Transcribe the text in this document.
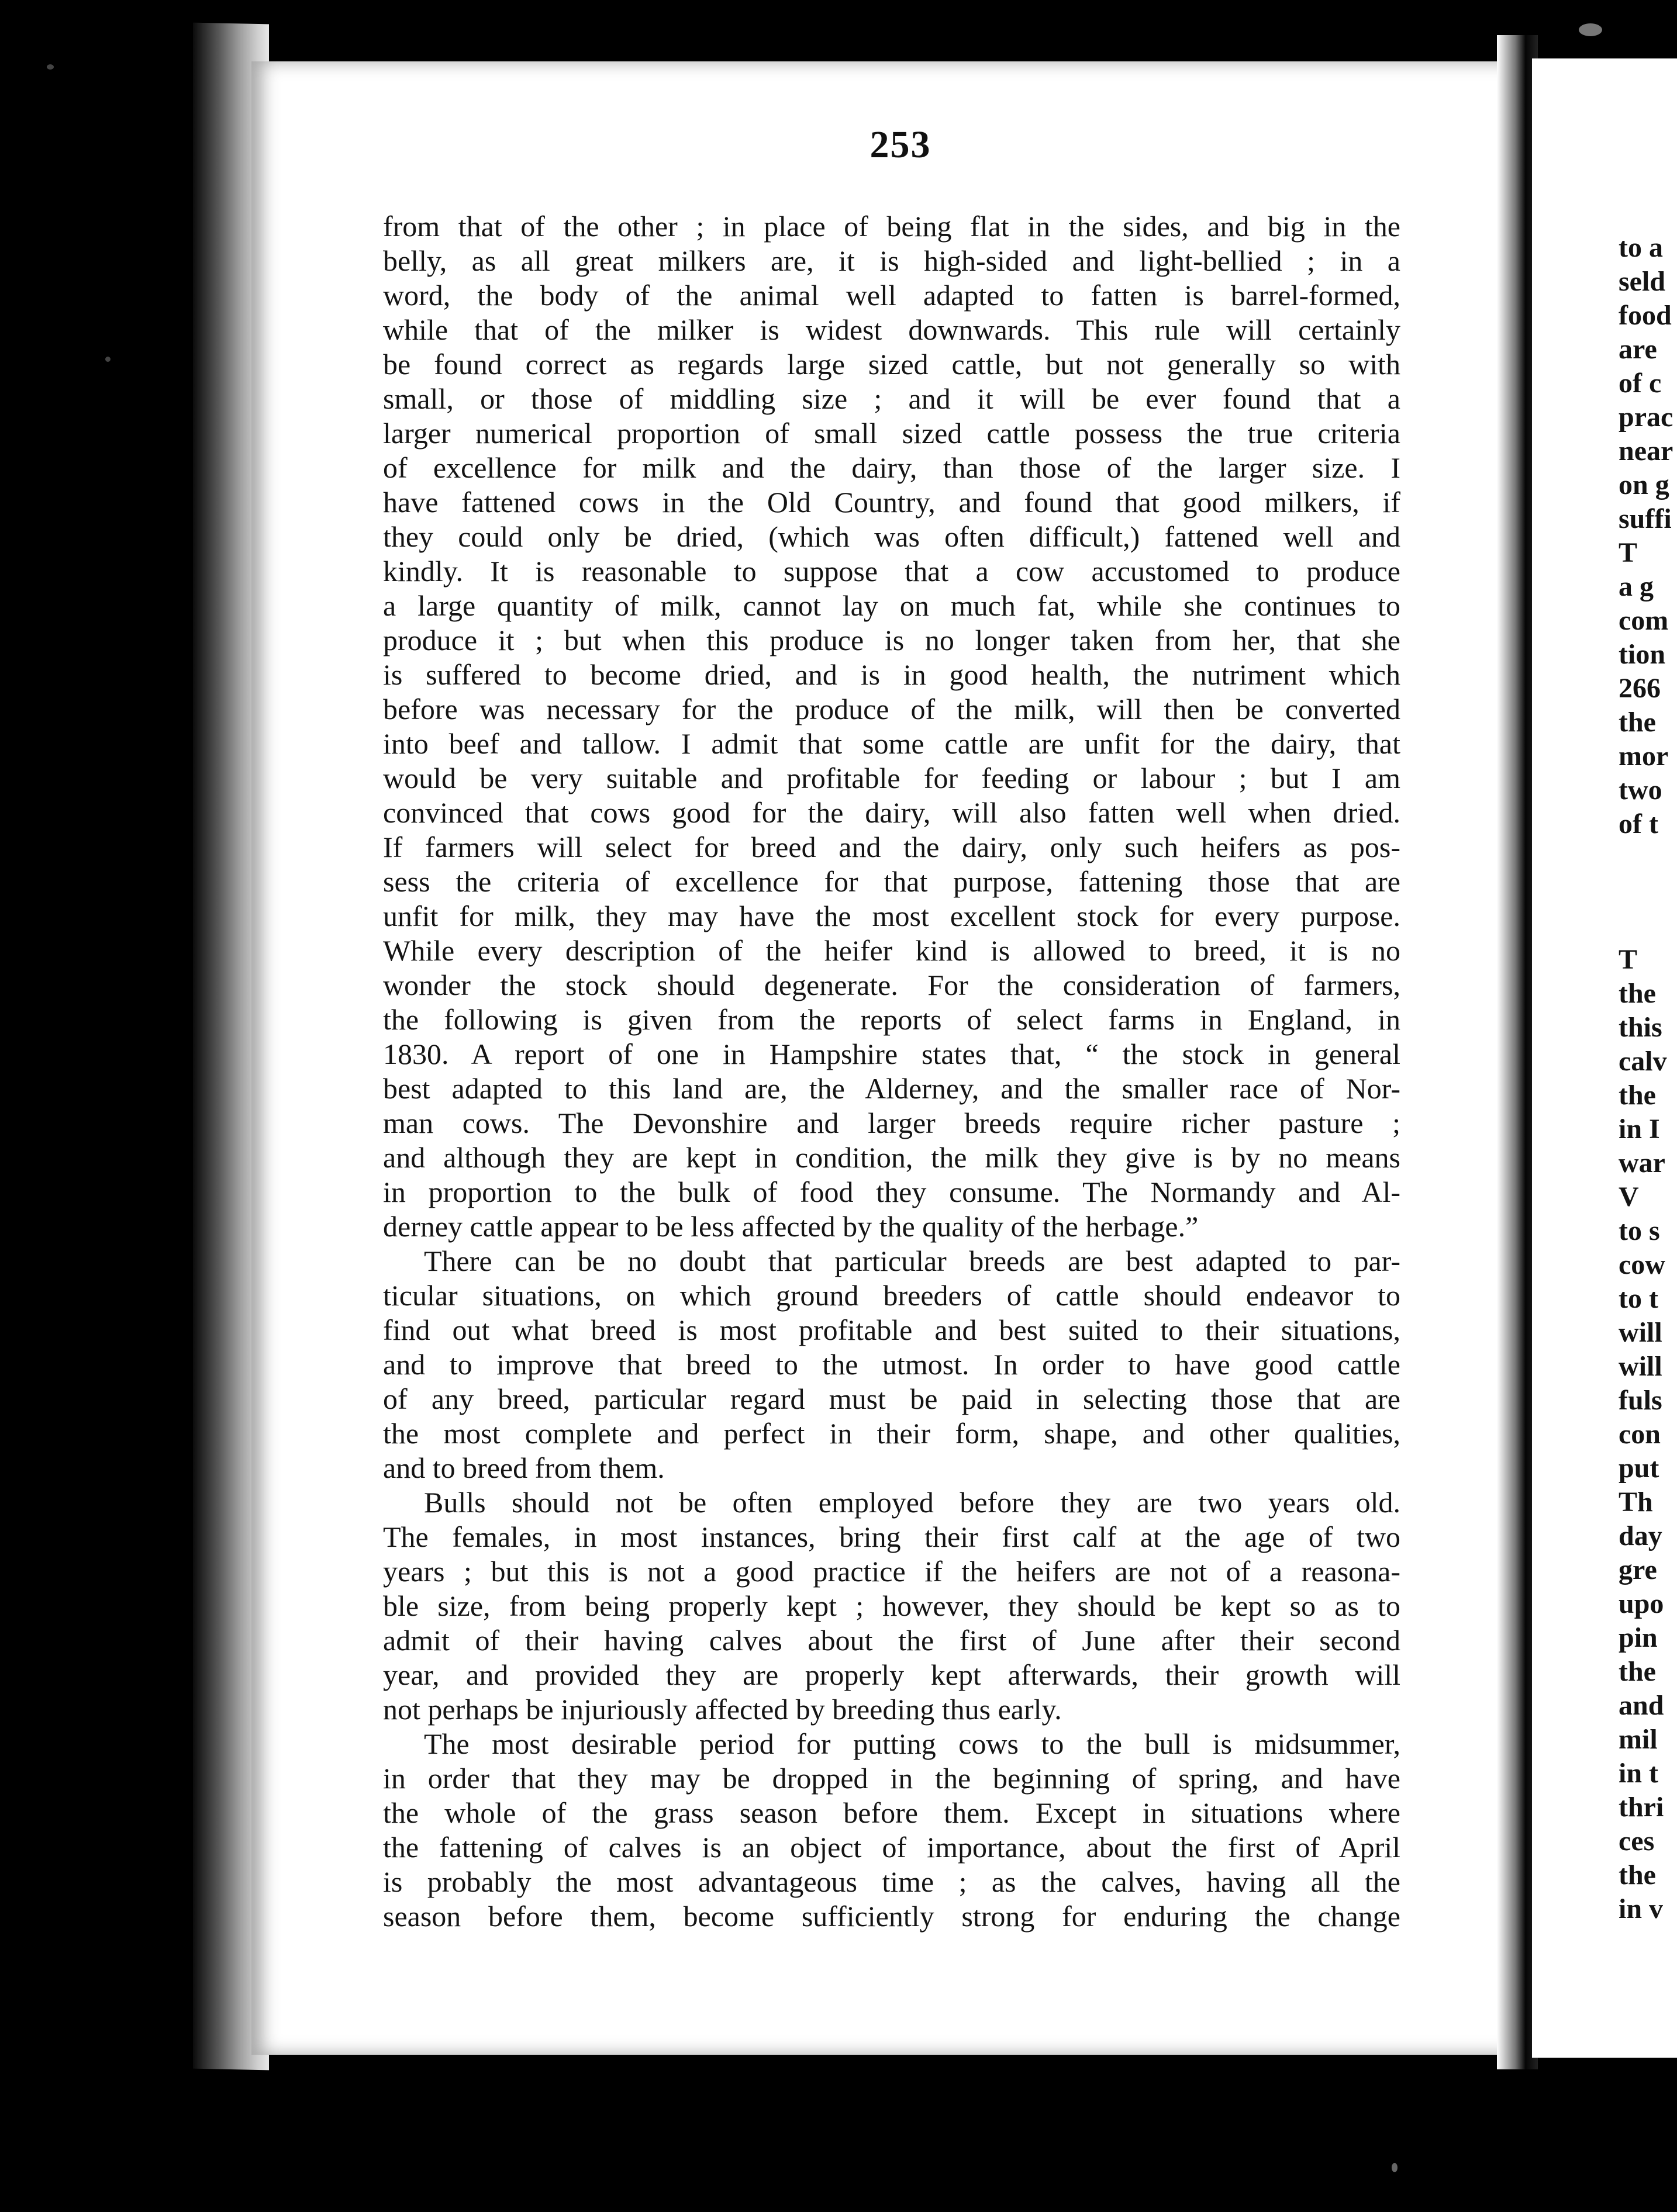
253
from that of the other ; in place of being flat in the sides, and big in the
belly, as all great milkers are, it is high-sided and light-bellied ; in a
word, the body of the animal well adapted to fatten is barrel-formed,
while that of the milker is widest downwards. This rule will certainly
be found correct as regards large sized cattle, but not generally so with
small, or those of middling size ; and it will be ever found that a
larger numerical proportion of small sized cattle possess the true criteria
of excellence for milk and the dairy, than those of the larger size. I
have fattened cows in the Old Country, and found that good milkers, if
they could only be dried, (which was often difficult,) fattened well and
kindly. It is reasonable to suppose that a cow accustomed to produce
a large quantity of milk, cannot lay on much fat, while she continues to
produce it ; but when this produce is no longer taken from her, that she
is suffered to become dried, and is in good health, the nutriment which
before was necessary for the produce of the milk, will then be converted
into beef and tallow. I admit that some cattle are unfit for the dairy, that
would be very suitable and profitable for feeding or labour ; but I am
convinced that cows good for the dairy, will also fatten well when dried.
If farmers will select for breed and the dairy, only such heifers as pos-
sess the criteria of excellence for that purpose, fattening those that are
unfit for milk, they may have the most excellent stock for every purpose.
While every description of the heifer kind is allowed to breed, it is no
wonder the stock should degenerate. For the consideration of farmers,
the following is given from the reports of select farms in England, in
1830. A report of one in Hampshire states that, “ the stock in general
best adapted to this land are, the Alderney, and the smaller race of Nor-
man cows. The Devonshire and larger breeds require richer pasture ;
and although they are kept in condition, the milk they give is by no means
in proportion to the bulk of food they consume. The Normandy and Al-
derney cattle appear to be less affected by the quality of the herbage.”
There can be no doubt that particular breeds are best adapted to par-
ticular situations, on which ground breeders of cattle should endeavor to
find out what breed is most profitable and best suited to their situations,
and to improve that breed to the utmost. In order to have good cattle
of any breed, particular regard must be paid in selecting those that are
the most complete and perfect in their form, shape, and other qualities,
and to breed from them.
Bulls should not be often employed before they are two years old.
The females, in most instances, bring their first calf at the age of two
years ; but this is not a good practice if the heifers are not of a reasona-
ble size, from being properly kept ; however, they should be kept so as to
admit of their having calves about the first of June after their second
year, and provided they are properly kept afterwards, their growth will
not perhaps be injuriously affected by breeding thus early.
The most desirable period for putting cows to the bull is midsummer,
in order that they may be dropped in the beginning of spring, and have
the whole of the grass season before them. Except in situations where
the fattening of calves is an object of importance, about the first of April
is probably the most advantageous time ; as the calves, having all the
season before them, become sufficiently strong for enduring the change
to a
seld
food
are
of c
prac
near
on g
suffi
T
a g
com
tion
266
the
mor
two
of t
T
the
this
calv
the
in I
war
V
to s
cow
to t
will
will
fuls
con
put
Th
day
gre
upo
pin
the
and
mil
in t
thri
ces
the
in v
